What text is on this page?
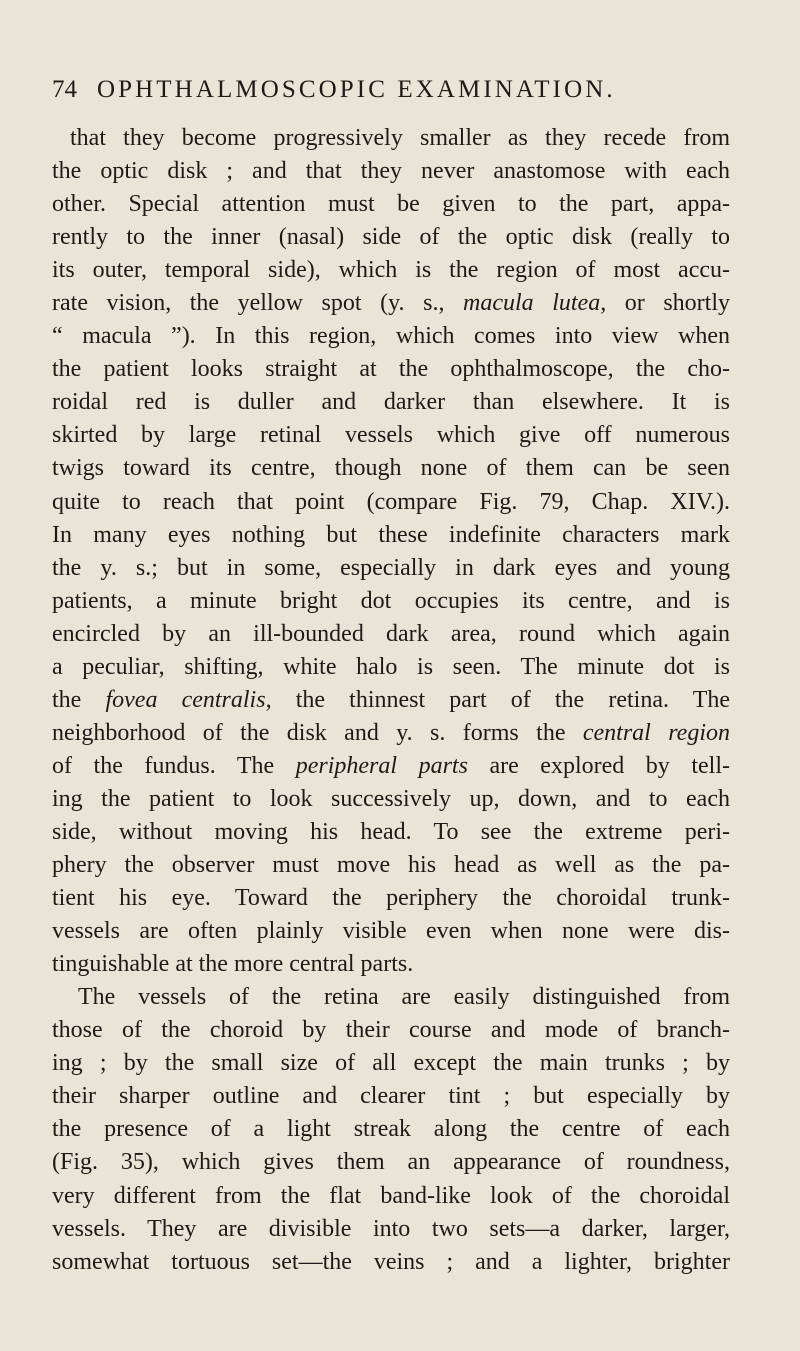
74 OPHTHALMOSCOPIC EXAMINATION.
that they become progressively smaller as they recede from
the optic disk ; and that they never anastomose with each
other. Special attention must be given to the part, appa-
rently to the inner (nasal) side of the optic disk (really to
its outer, temporal side), which is the region of most accu-
rate vision, the yellow spot (y. s., macula lutea, or shortly
“ macula ”). In this region, which comes into view when
the patient looks straight at the ophthalmoscope, the cho-
roidal red is duller and darker than elsewhere. It is
skirted by large retinal vessels which give off numerous
twigs toward its centre, though none of them can be seen
quite to reach that point (compare Fig. 79, Chap. XIV.).
In many eyes nothing but these indefinite characters mark
the y. s.; but in some, especially in dark eyes and young
patients, a minute bright dot occupies its centre, and is
encircled by an ill-bounded dark area, round which again
a peculiar, shifting, white halo is seen. The minute dot is
the fovea centralis, the thinnest part of the retina. The
neighborhood of the disk and y. s. forms the central region
of the fundus. The peripheral parts are explored by tell-
ing the patient to look successively up, down, and to each
side, without moving his head. To see the extreme peri-
phery the observer must move his head as well as the pa-
tient his eye. Toward the periphery the choroidal trunk-
vessels are often plainly visible even when none were dis-
tinguishable at the more central parts.
The vessels of the retina are easily distinguished from
those of the choroid by their course and mode of branch-
ing ; by the small size of all except the main trunks ; by
their sharper outline and clearer tint ; but especially by
the presence of a light streak along the centre of each
(Fig. 35), which gives them an appearance of roundness,
very different from the flat band-like look of the choroidal
vessels. They are divisible into two sets—a darker, larger,
somewhat tortuous set—the veins ; and a lighter, brighter
